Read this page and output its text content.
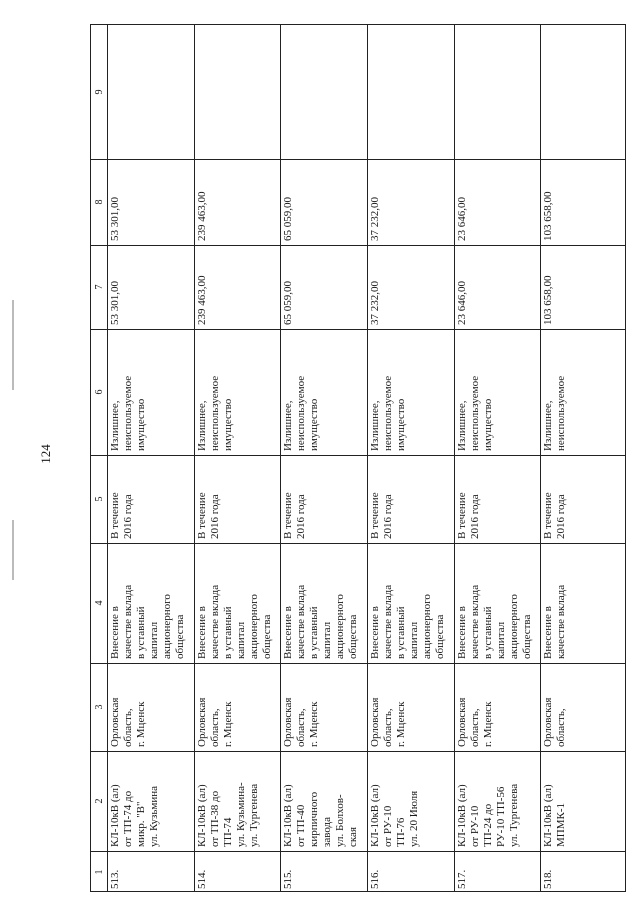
124
1
2
3
4
5
6
7
8
9
513.
КЛ-10кВ (ал)
от ТП-74 до
микр. "В"
ул. Кузьмина
Орловская
область,
г. Мценск
Внесение в
качестве вклада
в уставный
капитал
акционерного
общества
В течение
2016 года
Излишнее,
неиспользуемое
имущество
53 301,00
53 301,00
514.
КЛ-10кВ (ал)
от ТП-38 до
ТП-74
ул. Кузьмина-
ул. Тургенева
Орловская
область,
г. Мценск
Внесение в
качестве вклада
в уставный
капитал
акционерного
общества
В течение
2016 года
Излишнее,
неиспользуемое
имущество
239 463,00
239 463,00
515.
КЛ-10кВ (ал)
от ТП-40
кирпичного
завода
ул. Болхов-
ская
Орловская
область,
г. Мценск
Внесение в
качестве вклада
в уставный
капитал
акционерного
общества
В течение
2016 года
Излишнее,
неиспользуемое
имущество
65 059,00
65 059,00
516.
КЛ-10кВ (ал)
от РУ-10
ТП-76
ул. 20 Июля
Орловская
область,
г. Мценск
Внесение в
качестве вклада
в уставный
капитал
акционерного
общества
В течение
2016 года
Излишнее,
неиспользуемое
имущество
37 232,00
37 232,00
517.
КЛ-10кВ (ал)
от РУ-10
ТП-24 до
РУ-10 ТП-56
ул. Тургенева
Орловская
область,
г. Мценск
Внесение в
качестве вклада
в уставный
капитал
акционерного
общества
В течение
2016 года
Излишнее,
неиспользуемое
имущество
23 646,00
23 646,00
518.
КЛ-10кВ (ал)
МПМК-1
Орловская
область,
Внесение в
качестве вклада
В течение
2016 года
Излишнее,
неиспользуемое
103 658,00
103 658,00
